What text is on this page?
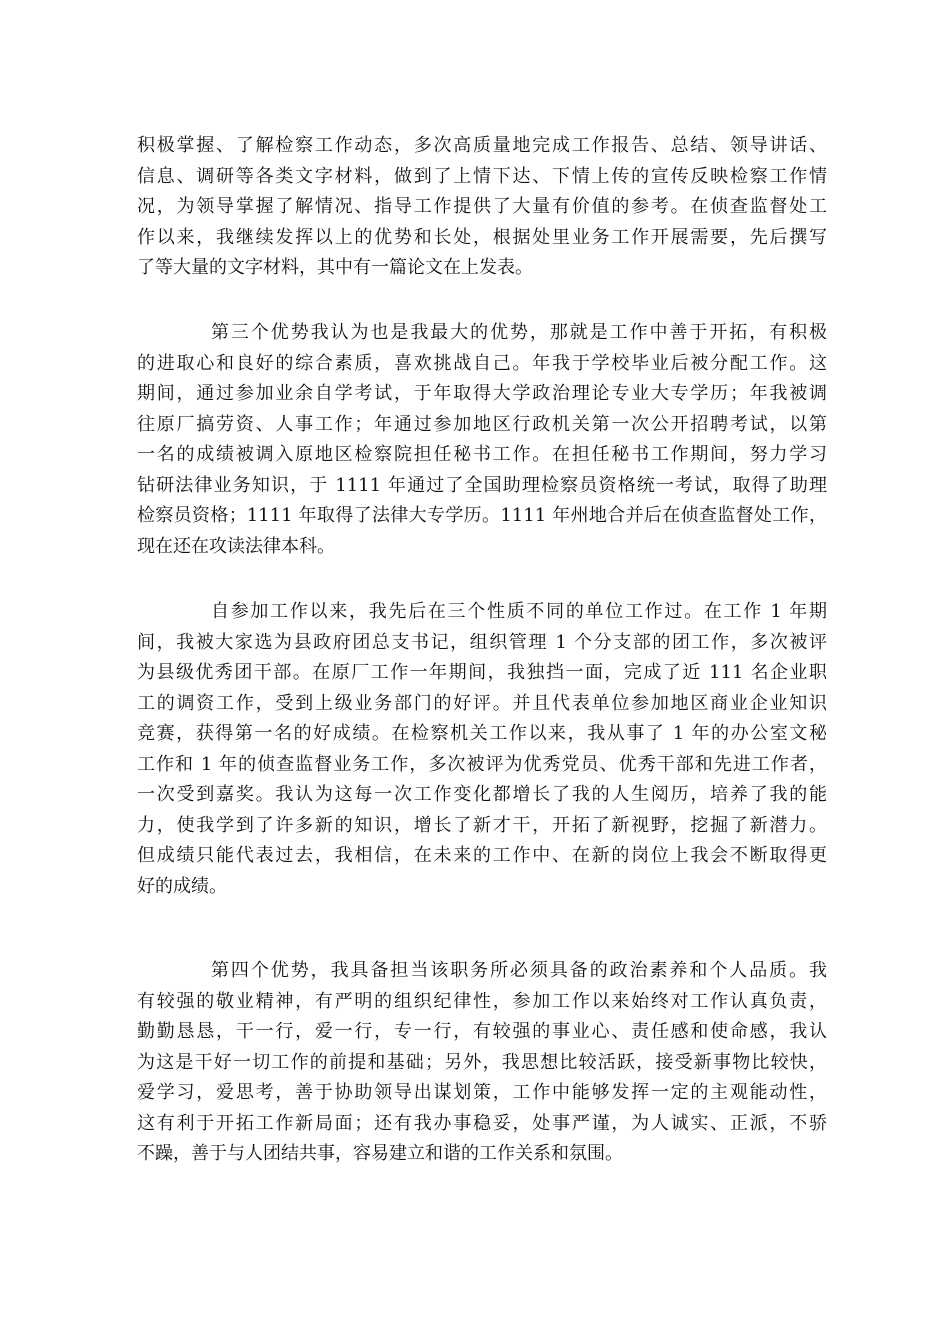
积极掌握、了解检察工作动态，多次高质量地完成工作报告、总结、领导讲话、
信息、调研等各类文字材料，做到了上情下达、下情上传的宣传反映检察工作情
况，为领导掌握了解情况、指导工作提供了大量有价值的参考。在侦查监督处工
作以来，我继续发挥以上的优势和长处，根据处里业务工作开展需要，先后撰写
了等大量的文字材料，其中有一篇论文在上发表。
第三个优势我认为也是我最大的优势，那就是工作中善于开拓，有积极
的进取心和良好的综合素质，喜欢挑战自己。年我于学校毕业后被分配工作。这
期间，通过参加业余自学考试，于年取得大学政治理论专业大专学历；年我被调
往原厂搞劳资、人事工作；年通过参加地区行政机关第一次公开招聘考试，以第
一名的成绩被调入原地区检察院担任秘书工作。在担任秘书工作期间，努力学习
钻研法律业务知识，于 1111 年通过了全国助理检察员资格统一考试，取得了助理
检察员资格；1111 年取得了法律大专学历。1111 年州地合并后在侦查监督处工作，
现在还在攻读法律本科。
自参加工作以来，我先后在三个性质不同的单位工作过。在工作 1 年期
间，我被大家选为县政府团总支书记，组织管理 1 个分支部的团工作，多次被评
为县级优秀团干部。在原厂工作一年期间，我独挡一面，完成了近 111 名企业职
工的调资工作，受到上级业务部门的好评。并且代表单位参加地区商业企业知识
竞赛，获得第一名的好成绩。在检察机关工作以来，我从事了 1 年的办公室文秘
工作和 1 年的侦查监督业务工作，多次被评为优秀党员、优秀干部和先进工作者，
一次受到嘉奖。我认为这每一次工作变化都增长了我的人生阅历，培养了我的能
力，使我学到了许多新的知识，增长了新才干，开拓了新视野，挖掘了新潜力。
但成绩只能代表过去，我相信，在未来的工作中、在新的岗位上我会不断取得更
好的成绩。
第四个优势，我具备担当该职务所必须具备的政治素养和个人品质。我
有较强的敬业精神，有严明的组织纪律性，参加工作以来始终对工作认真负责，
勤勤恳恳，干一行，爱一行，专一行，有较强的事业心、责任感和使命感，我认
为这是干好一切工作的前提和基础；另外，我思想比较活跃，接受新事物比较快，
爱学习，爱思考，善于协助领导出谋划策，工作中能够发挥一定的主观能动性，
这有利于开拓工作新局面；还有我办事稳妥，处事严谨，为人诚实、正派，不骄
不躁，善于与人团结共事，容易建立和谐的工作关系和氛围。
